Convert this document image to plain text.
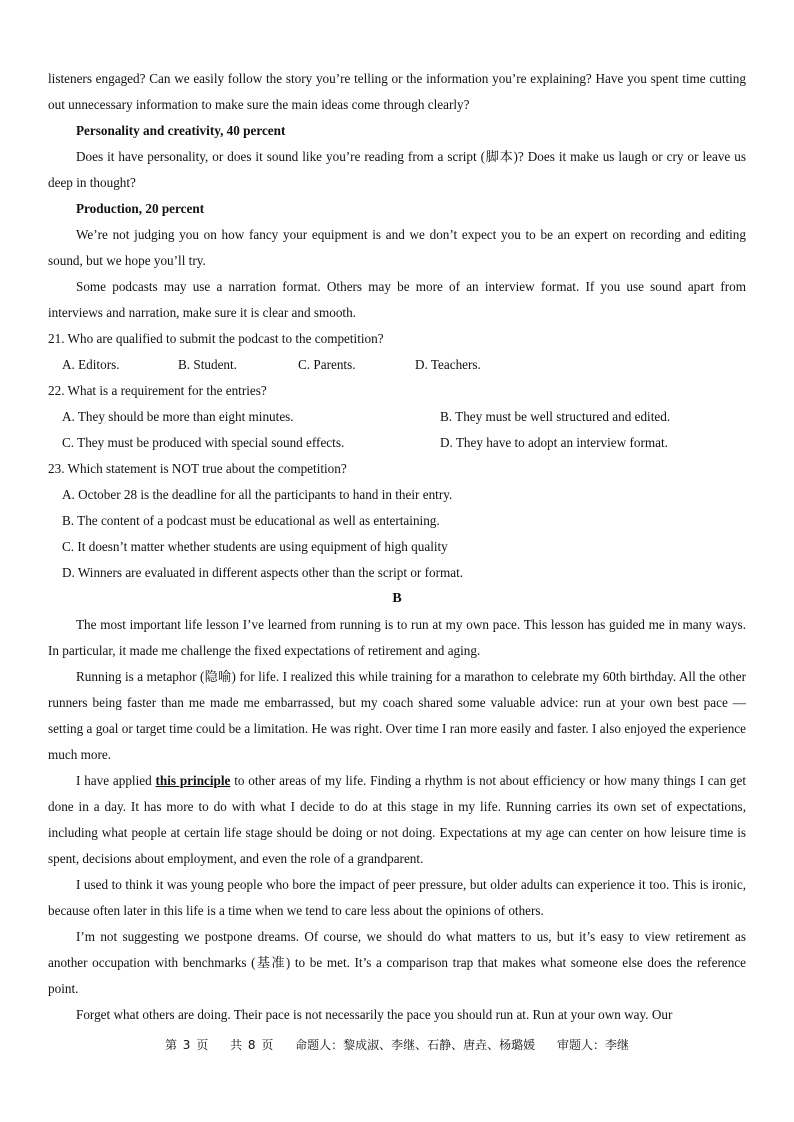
listeners engaged? Can we easily follow the story you’re telling or the information you’re explaining? Have you spent time cutting out unnecessary information to make sure the main ideas come through clearly?

Personality and creativity, 40 percent

Does it have personality, or does it sound like you’re reading from a script (脚本)? Does it make us laugh or cry or leave us deep in thought?

Production, 20 percent

We’re not judging you on how fancy your equipment is and we don’t expect you to be an expert on recording and editing sound, but we hope you’ll try.

Some podcasts may use a narration format. Others may be more of an interview format. If you use sound apart from interviews and narration, make sure it is clear and smooth.

21. Who are qualified to submit the podcast to the competition?
A. Editors.	B. Student.	C. Parents.	D. Teachers.
22. What is a requirement for the entries?
A. They should be more than eight minutes.	B. They must be well structured and edited.
C. They must be produced with special sound effects.	D. They have to adopt an interview format.
23. Which statement is NOT true about the competition?
A. October 28 is the deadline for all the participants to hand in their entry.
B. The content of a podcast must be educational as well as entertaining.
C. It doesn’t matter whether students are using equipment of high quality
D. Winners are evaluated in different aspects other than the script or format.
B

The most important life lesson I’ve learned from running is to run at my own pace. This lesson has guided me in many ways. In particular, it made me challenge the fixed expectations of retirement and aging.

Running is a metaphor (隐喻) for life. I realized this while training for a marathon to celebrate my 60th birthday. All the other runners being faster than me made me embarrassed, but my coach shared some valuable advice: run at your own best pace — setting a goal or target time could be a limitation. He was right. Over time I ran more easily and faster. I also enjoyed the experience much more.

I have applied this principle to other areas of my life. Finding a rhythm is not about efficiency or how many things I can get done in a day. It has more to do with what I decide to do at this stage in my life. Running carries its own set of expectations, including what people at certain life stage should be doing or not doing. Expectations at my age can center on how leisure time is spent, decisions about employment, and even the role of a grandparent.

I used to think it was young people who bore the impact of peer pressure, but older adults can experience it too. This is ironic, because often later in this life is a time when we tend to care less about the opinions of others.

I’m not suggesting we postpone dreams. Of course, we should do what matters to us, but it’s easy to view retirement as another occupation with benchmarks (基准) to be met. It’s a comparison trap that makes what someone else does the reference point.

Forget what others are doing. Their pace is not necessarily the pace you should run at. Run at your own way. Our

第 3 页 共 8 页 命题人：黎成淑、李继、石静、唐垚、杨璐媛 审题人：李继
